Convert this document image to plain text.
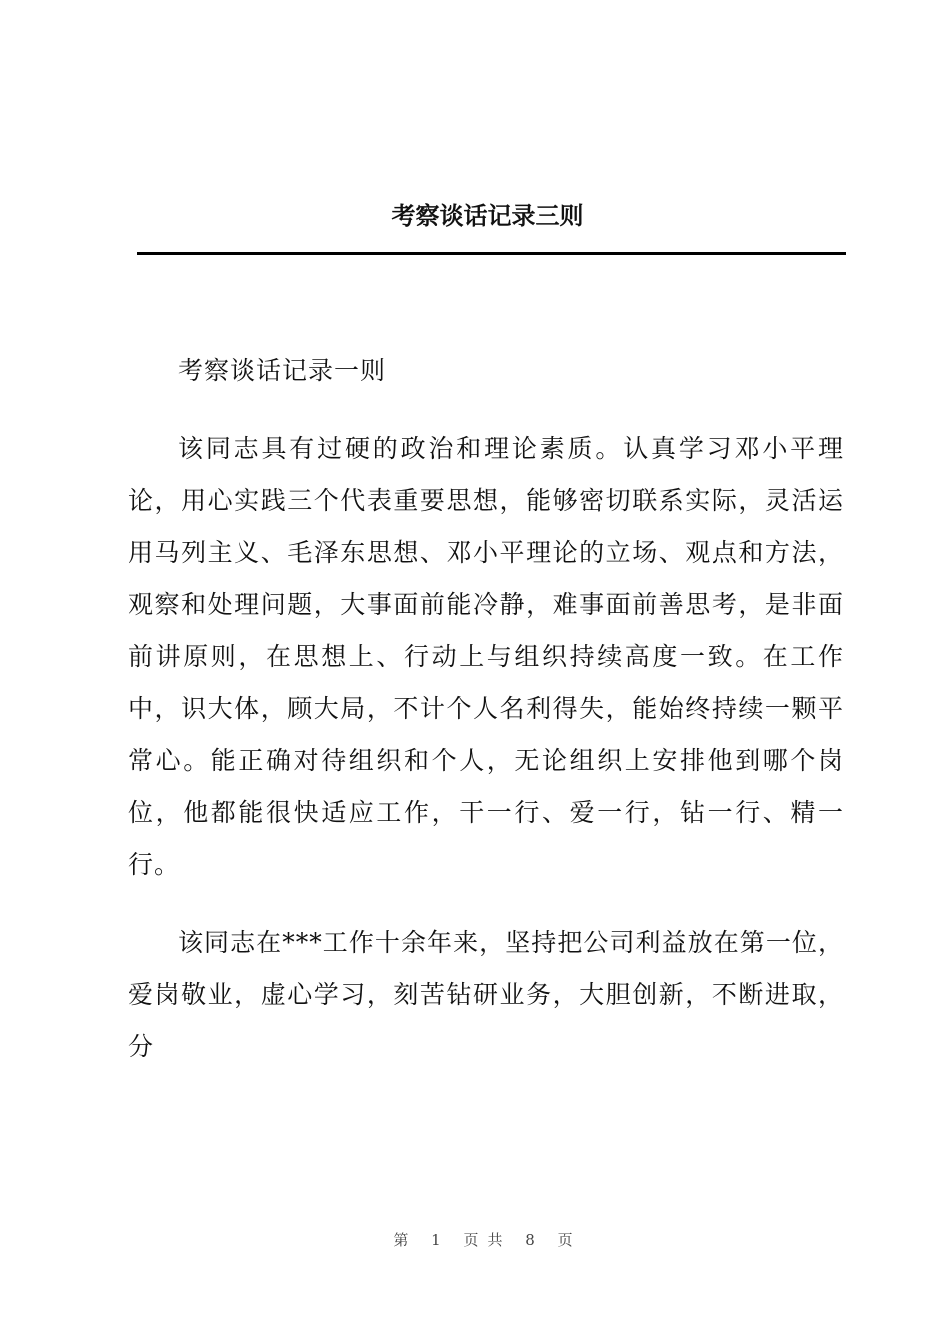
考察谈话记录三则

考察谈话记录一则

该同志具有过硬的政治和理论素质。认真学习邓小平理论，用心实践三个代表重要思想，能够密切联系实际，灵活运用马列主义、毛泽东思想、邓小平理论的立场、观点和方法，观察和处理问题，大事面前能冷静，难事面前善思考，是非面前讲原则，在思想上、行动上与组织持续高度一致。在工作中，识大体，顾大局，不计个人名利得失，能始终持续一颗平常心。能正确对待组织和个人，无论组织上安排他到哪个岗位，他都能很快适应工作，干一行、爱一行，钻一行、精一行。

该同志在***工作十余年来，坚持把公司利益放在第一位，爱岗敬业，虚心学习，刻苦钻研业务，大胆创新，不断进取，分

第 1 页共 8 页
